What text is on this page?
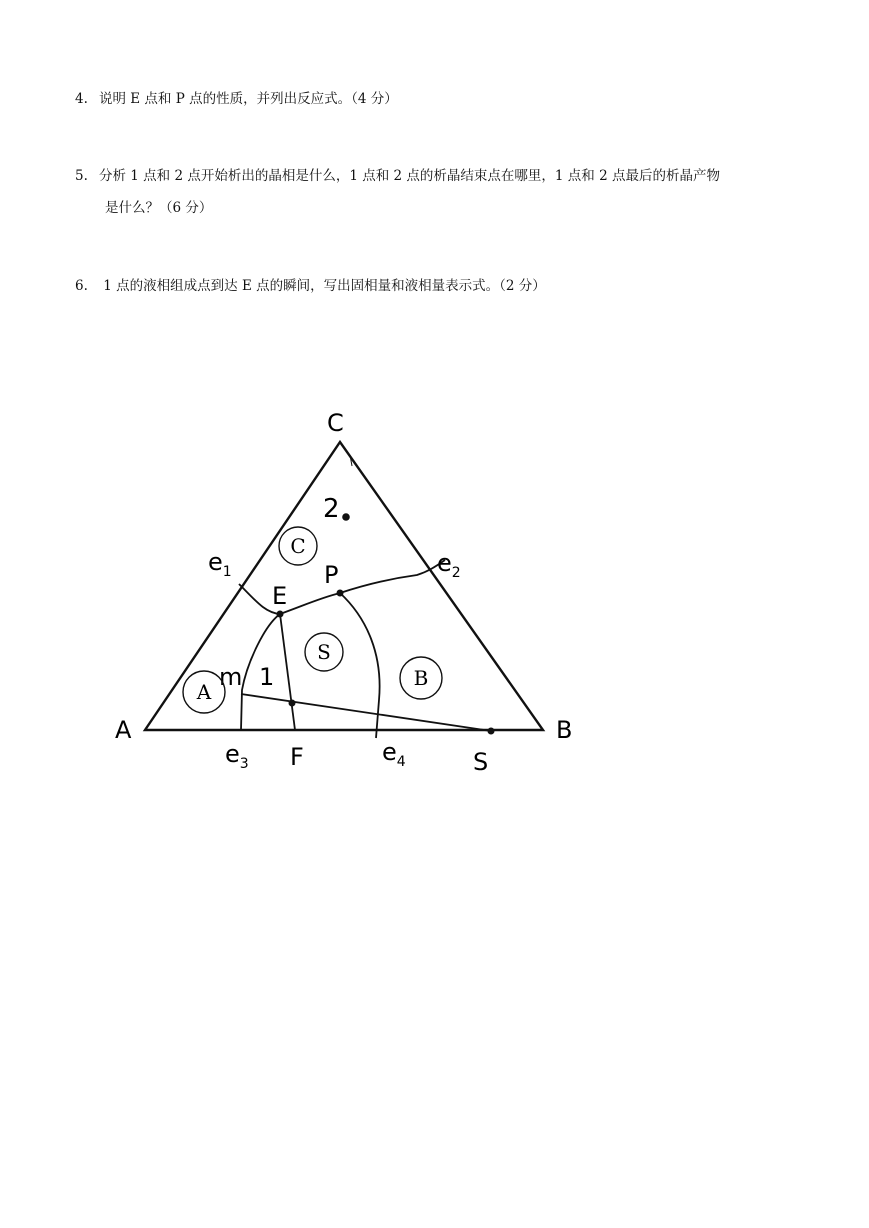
4. 说明 E 点和 P 点的性质，并列出反应式。（4 分）
5. 分析 1 点和 2 点开始析出的晶相是什么，1 点和 2 点的析晶结束点在哪里，1 点和 2 点最后的析晶产物
是什么？（6 分）
6. 1 点的液相组成点到达 E 点的瞬间，写出固相量和液相量表示式。（2 分）
C
A	B
$e_1$	$e_2$
$e_3$	$e_4$
E
P
F	S
m 1
2
C
S
B
A
